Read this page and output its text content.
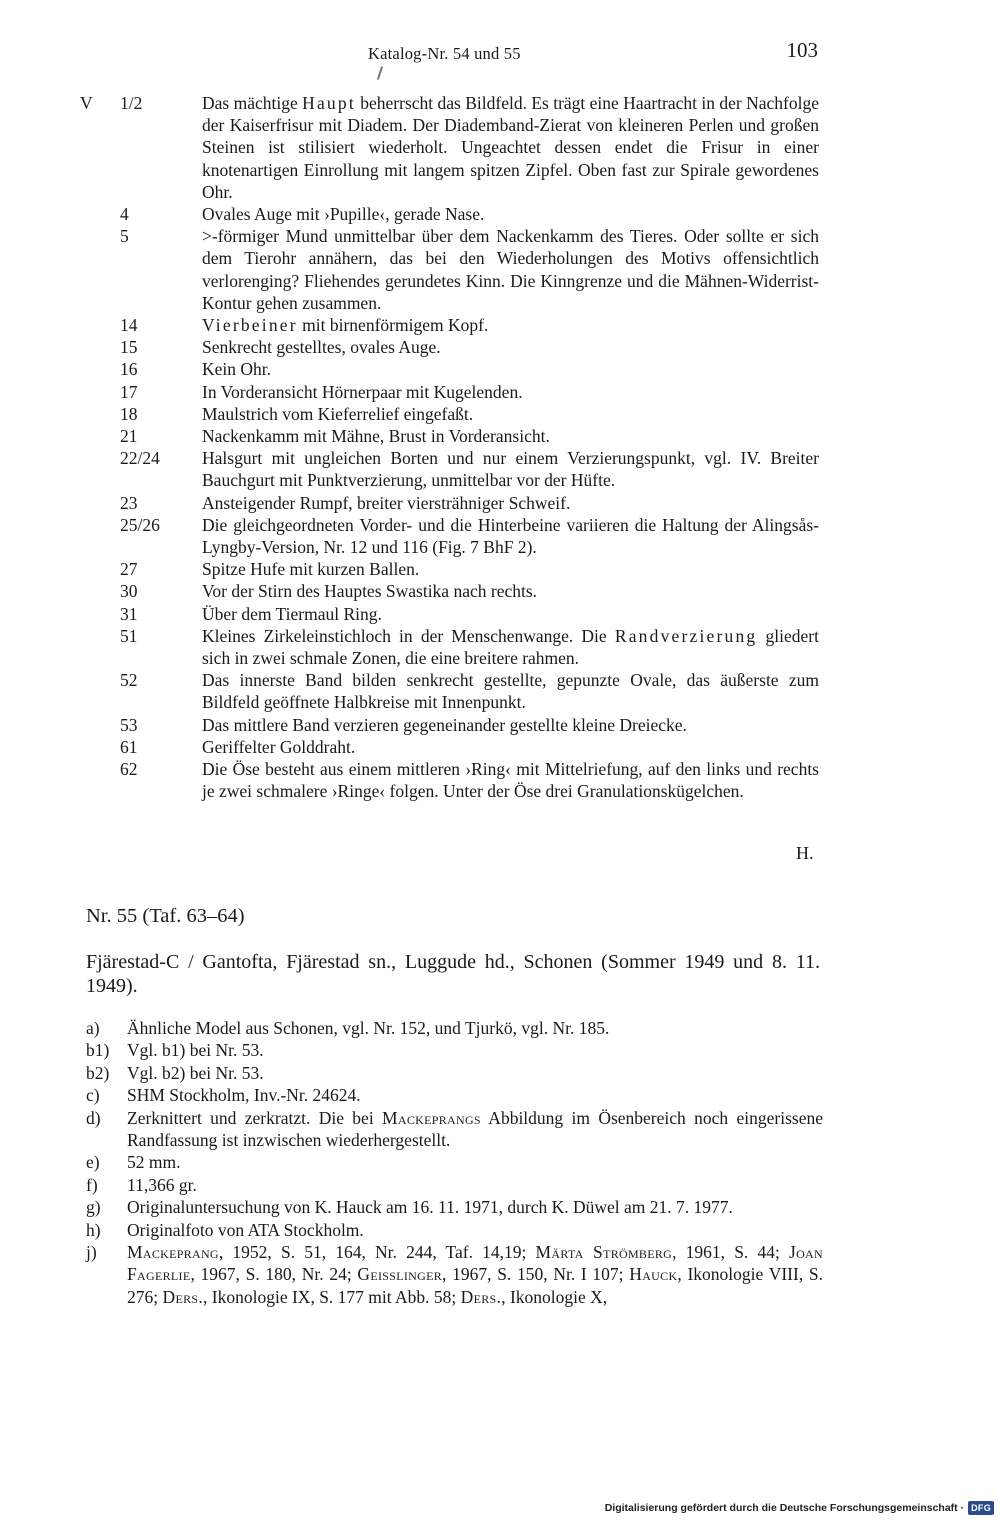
Katalog-Nr. 54 und 55	103
V 1/2	Das mächtige Haupt beherrscht das Bildfeld. Es trägt eine Haartracht in der Nachfolge der Kaiserfrisur mit Diadem. Der Diademband-Zierat von kleineren Perlen und großen Steinen ist stilisiert wiederholt. Ungeachtet dessen endet die Frisur in einer knotenartigen Einrollung mit langem spitzen Zipfel. Oben fast zur Spirale gewordenes Ohr.
4	Ovales Auge mit ›Pupille‹, gerade Nase.
5	>-förmiger Mund unmittelbar über dem Nackenkamm des Tieres. Oder sollte er sich dem Tierohr annähern, das bei den Wiederholungen des Motivs offensichtlich verlorenging? Fliehendes gerundetes Kinn. Die Kinngrenze und die Mähnen-Widerrist-Kontur gehen zusammen.
14	Vierbeiner mit birnenförmigem Kopf.
15	Senkrecht gestelltes, ovales Auge.
16	Kein Ohr.
17	In Vorderansicht Hörnerpaar mit Kugelenden.
18	Maulstrich vom Kieferrelief eingefaßt.
21	Nackenkamm mit Mähne, Brust in Vorderansicht.
22/24 Halsgurt mit ungleichen Borten und nur einem Verzierungspunkt, vgl. IV. Breiter Bauchgurt mit Punktverzierung, unmittelbar vor der Hüfte.
23	Ansteigender Rumpf, breiter viersträhniger Schweif.
25/26 Die gleichgeordneten Vorder- und die Hinterbeine variieren die Haltung der Alingsås-Lyngby-Version, Nr. 12 und 116 (Fig. 7 BhF 2).
27	Spitze Hufe mit kurzen Ballen.
30	Vor der Stirn des Hauptes Swastika nach rechts.
31	Über dem Tiermaul Ring.
51	Kleines Zirkeleinstichloch in der Menschenwange. Die Randverzierung gliedert sich in zwei schmale Zonen, die eine breitere rahmen.
52	Das innerste Band bilden senkrecht gestellte, gepunzte Ovale, das äußerste zum Bildfeld geöffnete Halbkreise mit Innenpunkt.
53	Das mittlere Band verzieren gegeneinander gestellte kleine Dreiecke.
61	Geriffelter Golddraht.
62	Die Öse besteht aus einem mittleren ›Ring‹ mit Mittelriefung, auf den links und rechts je zwei schmalere ›Ringe‹ folgen. Unter der Öse drei Granulationskügelchen.
H.
Nr. 55 (Taf. 63–64)
Fjärestad-C / Gantofta, Fjärestad sn., Luggude hd., Schonen (Sommer 1949 und 8. 11. 1949).
a) Ähnliche Model aus Schonen, vgl. Nr. 152, und Tjurkö, vgl. Nr. 185.
b1) Vgl. b1) bei Nr. 53.
b2) Vgl. b2) bei Nr. 53.
c) SHM Stockholm, Inv.-Nr. 24624.
d) Zerknittert und zerkratzt. Die bei Mackeprangs Abbildung im Ösenbereich noch eingerissene Randfassung ist inzwischen wiederhergestellt.
e) 52 mm.
f) 11,366 gr.
g) Originaluntersuchung von K. Hauck am 16. 11. 1971, durch K. Düwel am 21. 7. 1977.
h) Originalfoto von ATA Stockholm.
j) Mackeprang, 1952, S. 51, 164, Nr. 244, Taf. 14,19; Märta Strömberg, 1961, S. 44; Joan Fagerlie, 1967, S. 180, Nr. 24; Geisslinger, 1967, S. 150, Nr. I 107; Hauck, Ikonologie VIII, S. 276; Ders., Ikonologie IX, S. 177 mit Abb. 58; Ders., Ikonologie X,
Digitalisierung gefördert durch die Deutsche Forschungsgemeinschaft · DFG
